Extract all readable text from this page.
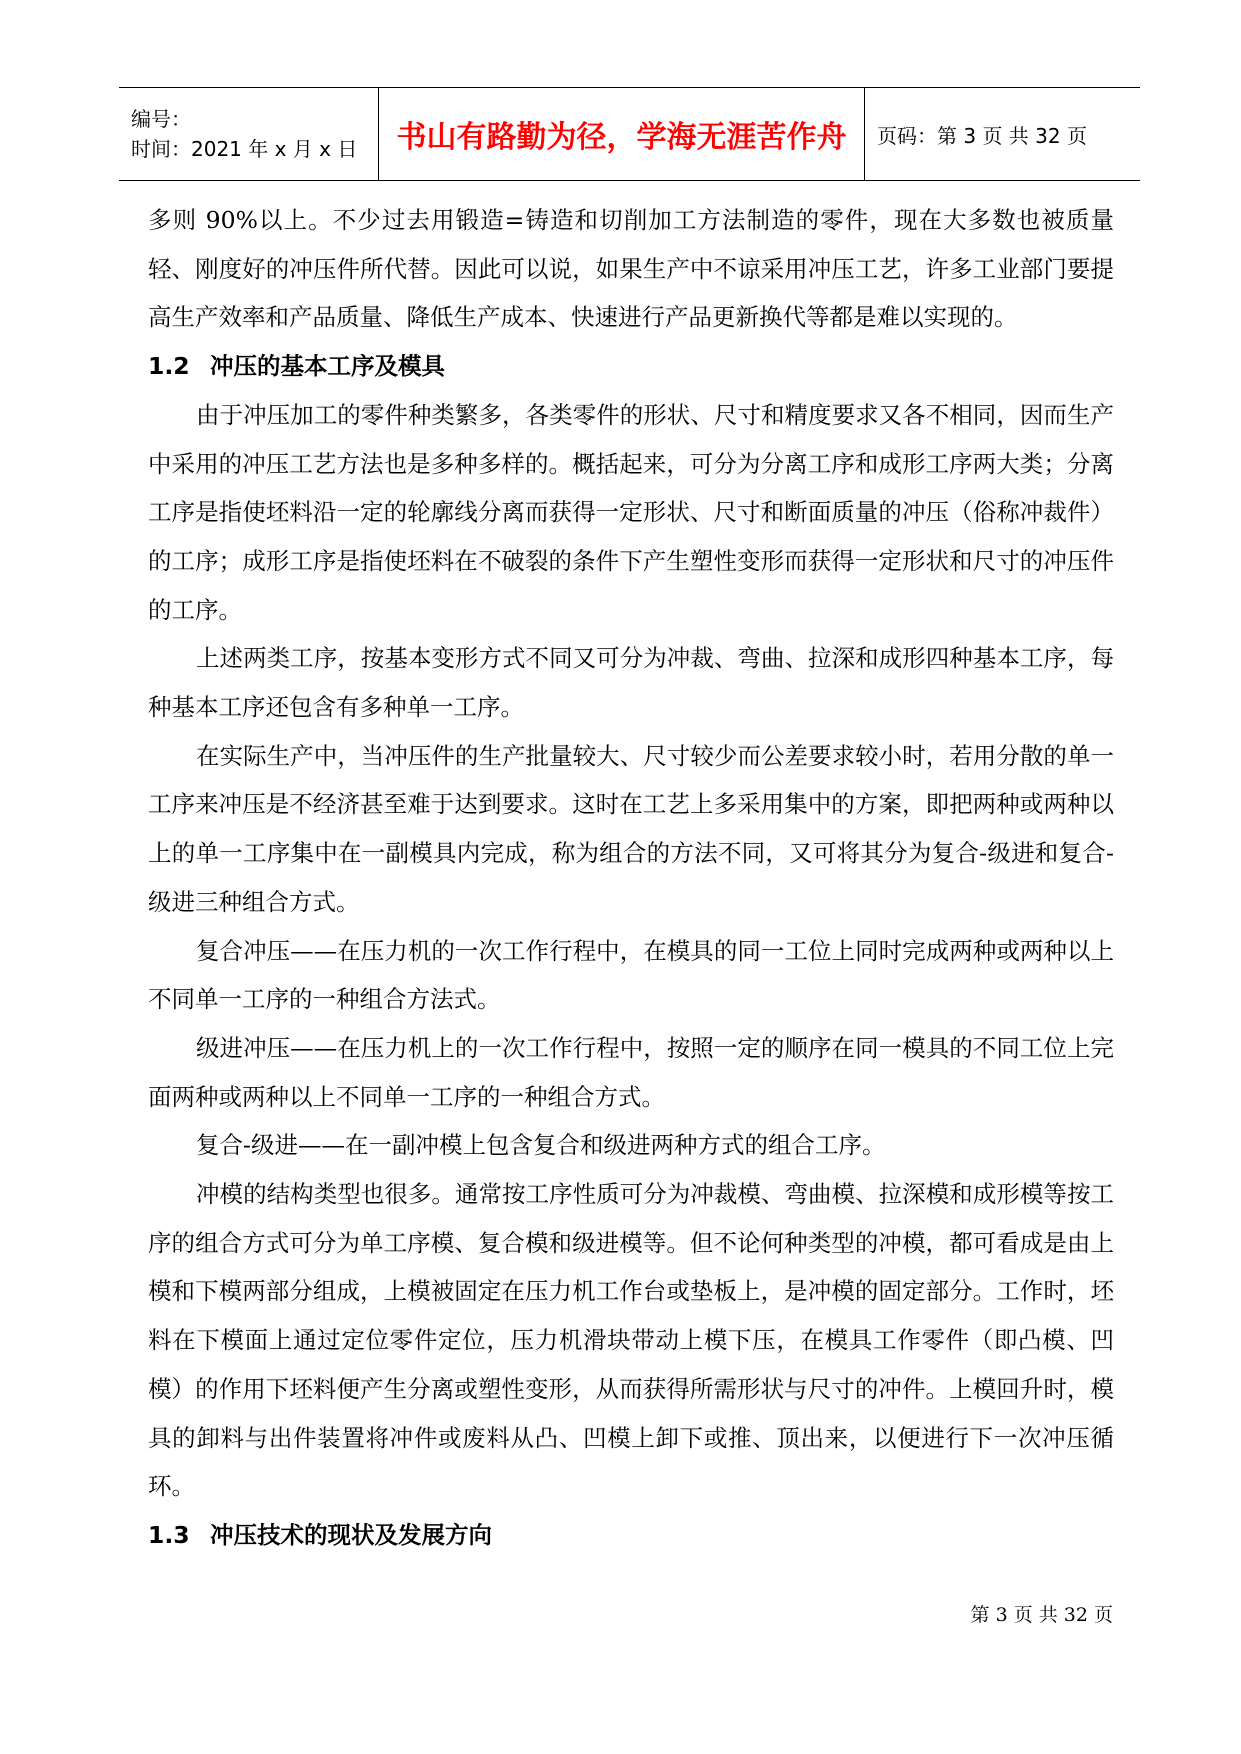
编号：
时间：2021 年 x 月 x 日	书山有路勤为径，学海无涯苦作舟 页码：第 3 页 共 32 页

多则 90%以上。不少过去用锻造=铸造和切削加工方法制造的零件，现在大多数也被质量轻、刚度好的冲压件所代替。因此可以说，如果生产中不谅采用冲压工艺，许多工业部门要提高生产效率和产品质量、降低生产成本、快速进行产品更新换代等都是难以实现的。

1.2 冲压的基本工序及模具

由于冲压加工的零件种类繁多，各类零件的形状、尺寸和精度要求又各不相同，因而生产中采用的冲压工艺方法也是多种多样的。概括起来，可分为分离工序和成形工序两大类；分离工序是指使坯料沿一定的轮廓线分离而获得一定形状、尺寸和断面质量的冲压（俗称冲裁件）的工序；成形工序是指使坯料在不破裂的条件下产生塑性变形而获得一定形状和尺寸的冲压件的工序。

上述两类工序，按基本变形方式不同又可分为冲裁、弯曲、拉深和成形四种基本工序，每种基本工序还包含有多种单一工序。

在实际生产中，当冲压件的生产批量较大、尺寸较少而公差要求较小时，若用分散的单一工序来冲压是不经济甚至难于达到要求。这时在工艺上多采用集中的方案，即把两种或两种以上的单一工序集中在一副模具内完成，称为组合的方法不同，又可将其分为复合-级进和复合-级进三种组合方式。

复合冲压——在压力机的一次工作行程中，在模具的同一工位上同时完成两种或两种以上不同单一工序的一种组合方法式。

级进冲压——在压力机上的一次工作行程中，按照一定的顺序在同一模具的不同工位上完面两种或两种以上不同单一工序的一种组合方式。

复合-级进——在一副冲模上包含复合和级进两种方式的组合工序。

冲模的结构类型也很多。通常按工序性质可分为冲裁模、弯曲模、拉深模和成形模等按工序的组合方式可分为单工序模、复合模和级进模等。但不论何种类型的冲模，都可看成是由上模和下模两部分组成，上模被固定在压力机工作台或垫板上，是冲模的固定部分。工作时，坯料在下模面上通过定位零件定位，压力机滑块带动上模下压，在模具工作零件（即凸模、凹模）的作用下坯料便产生分离或塑性变形，从而获得所需形状与尺寸的冲件。上模回升时，模具的卸料与出件装置将冲件或废料从凸、凹模上卸下或推、顶出来，以便进行下一次冲压循环。

1.3 冲压技术的现状及发展方向
第 3 页 共 32 页
